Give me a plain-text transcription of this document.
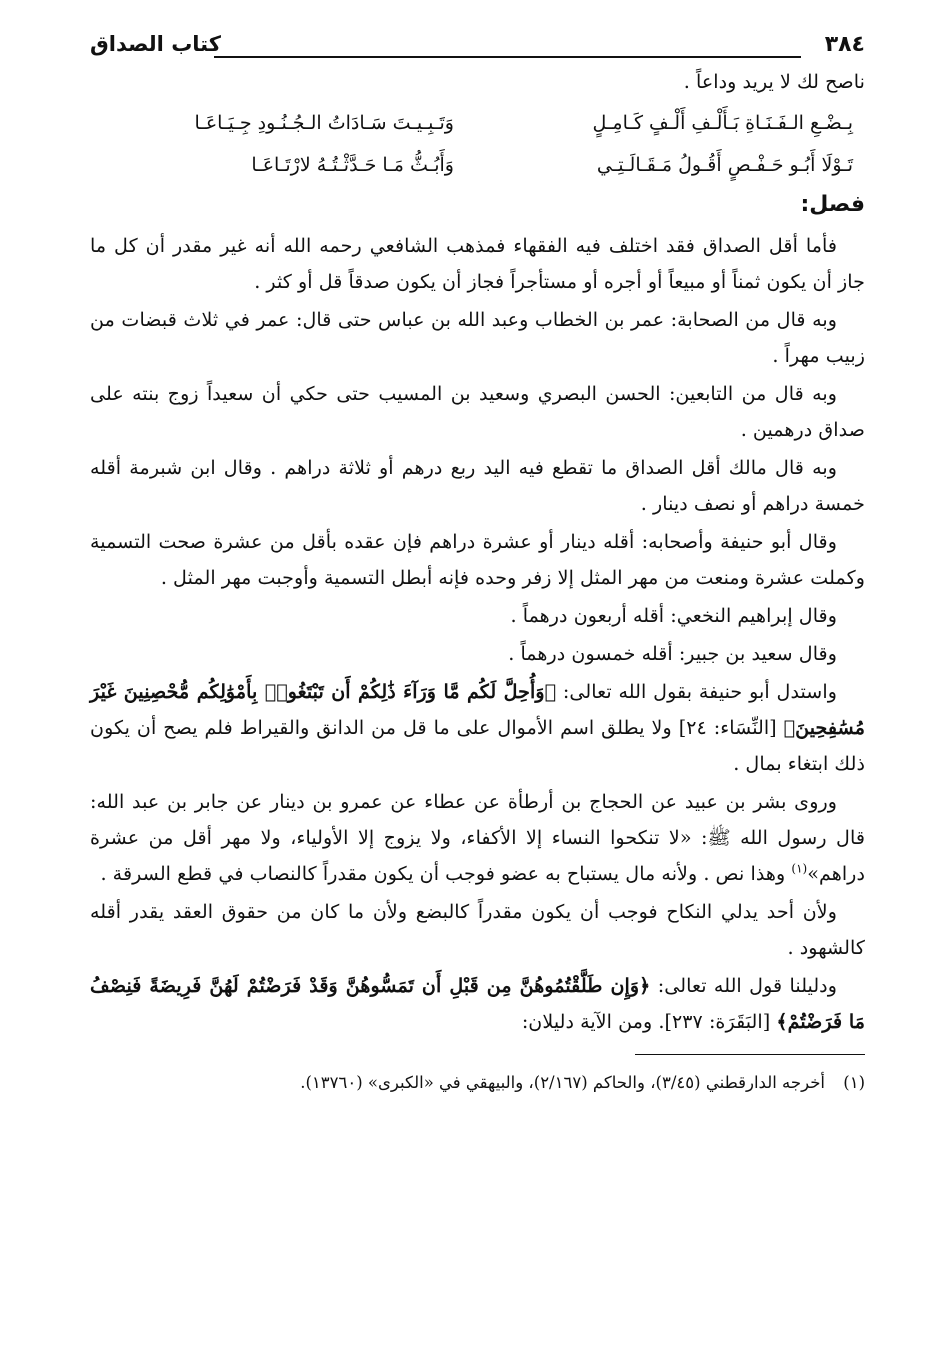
٣٨٤
كتاب الصداق

ناصح لك لا يريد وداعاً .

بِـضْـعِ الـفَـنَـاةِ بَـأَلْـفِ أَلْـفٍ كَـامِـلٍ
وَتَـبِـيـتَ سَـادَاتُ الـجُـنُـودِ جِـيَـاعَـا
تَـوْلَا أَبُـو حَـفْـصٍ أَقُـولُ مَـقَـالَـتِـي
وَأَبُـثُّ مَـا حَـدَّثْـتُـهُ لارْتَـاعَـا
فصل:

فأما أقل الصداق فقد اختلف فيه الفقهاء فمذهب الشافعي رحمه الله أنه غير مقدر أن كل ما جاز أن يكون ثمناً أو مبيعاً أو أجره أو مستأجراً فجاز أن يكون صدقاً قل أو كثر .

وبه قال من الصحابة: عمر بن الخطاب وعبد الله بن عباس حتى قال: عمر في ثلاث قبضات من زبيب مهراً .

وبه قال من التابعين: الحسن البصري وسعيد بن المسيب حتى حكي أن سعيداً زوج بنته على صداق درهمين .

وبه قال مالك أقل الصداق ما تقطع فيه اليد ربع درهم أو ثلاثة دراهم . وقال ابن شبرمة أقله خمسة دراهم أو نصف دينار .

وقال أبو حنيفة وأصحابه: أقله دينار أو عشرة دراهم فإن عقده بأقل من عشرة صحت التسمية وكملت عشرة ومنعت من مهر المثل إلا زفر وحده فإنه أبطل التسمية وأوجبت مهر المثل .

وقال إبراهيم النخعي: أقله أربعون درهماً .

وقال سعيد بن جبير: أقله خمسون درهماً .

واستدل أبو حنيفة بقول الله تعالى: ﴿وَأُحِلَّ لَكُم مَّا وَرَآءَ ذَٰلِكُمْ أَن تَبْتَغُوا۟ بِأَمْوَٰلِكُم مُّحْصِنِينَ غَيْرَ مُسَٰفِحِينَ﴾ [النِّسَاء: ٢٤] ولا يطلق اسم الأموال على ما قل من الدانق والقيراط فلم يصح أن يكون ذلك ابتغاء بمال .

وروى بشر بن عبيد عن الحجاج بن أرطأة عن عطاء عن عمرو بن دينار عن جابر بن عبد الله: قال رسول الله ﷺ: «لا تنكحوا النساء إلا الأكفاء، ولا يزوج إلا الأولياء، ولا مهر أقل من عشرة دراهم»$^{(١)}$ وهذا نص . ولأنه مال يستباح به عضو فوجب أن يكون مقدراً كالنصاب في قطع السرقة .

ولأن أحد يدلي النكاح فوجب أن يكون مقدراً كالبضع ولأن ما كان من حقوق العقد يقدر أقله كالشهود .

ودليلنا قول الله تعالى: ﴿وَإِن طَلَّقْتُمُوهُنَّ مِن قَبْلِ أَن تَمَسُّوهُنَّ وَقَدْ فَرَضْتُمْ لَهُنَّ فَرِيضَةً فَنِصْفُ مَا فَرَضْتُمْ﴾ [البَقَرَة: ٢٣٧]. ومن الآية دليلان:

(١)
أخرجه الدارقطني (٣/٤٥)، والحاكم (٢/١٦٧)، والبيهقي في «الكبرى» (١٣٧٦٠).
